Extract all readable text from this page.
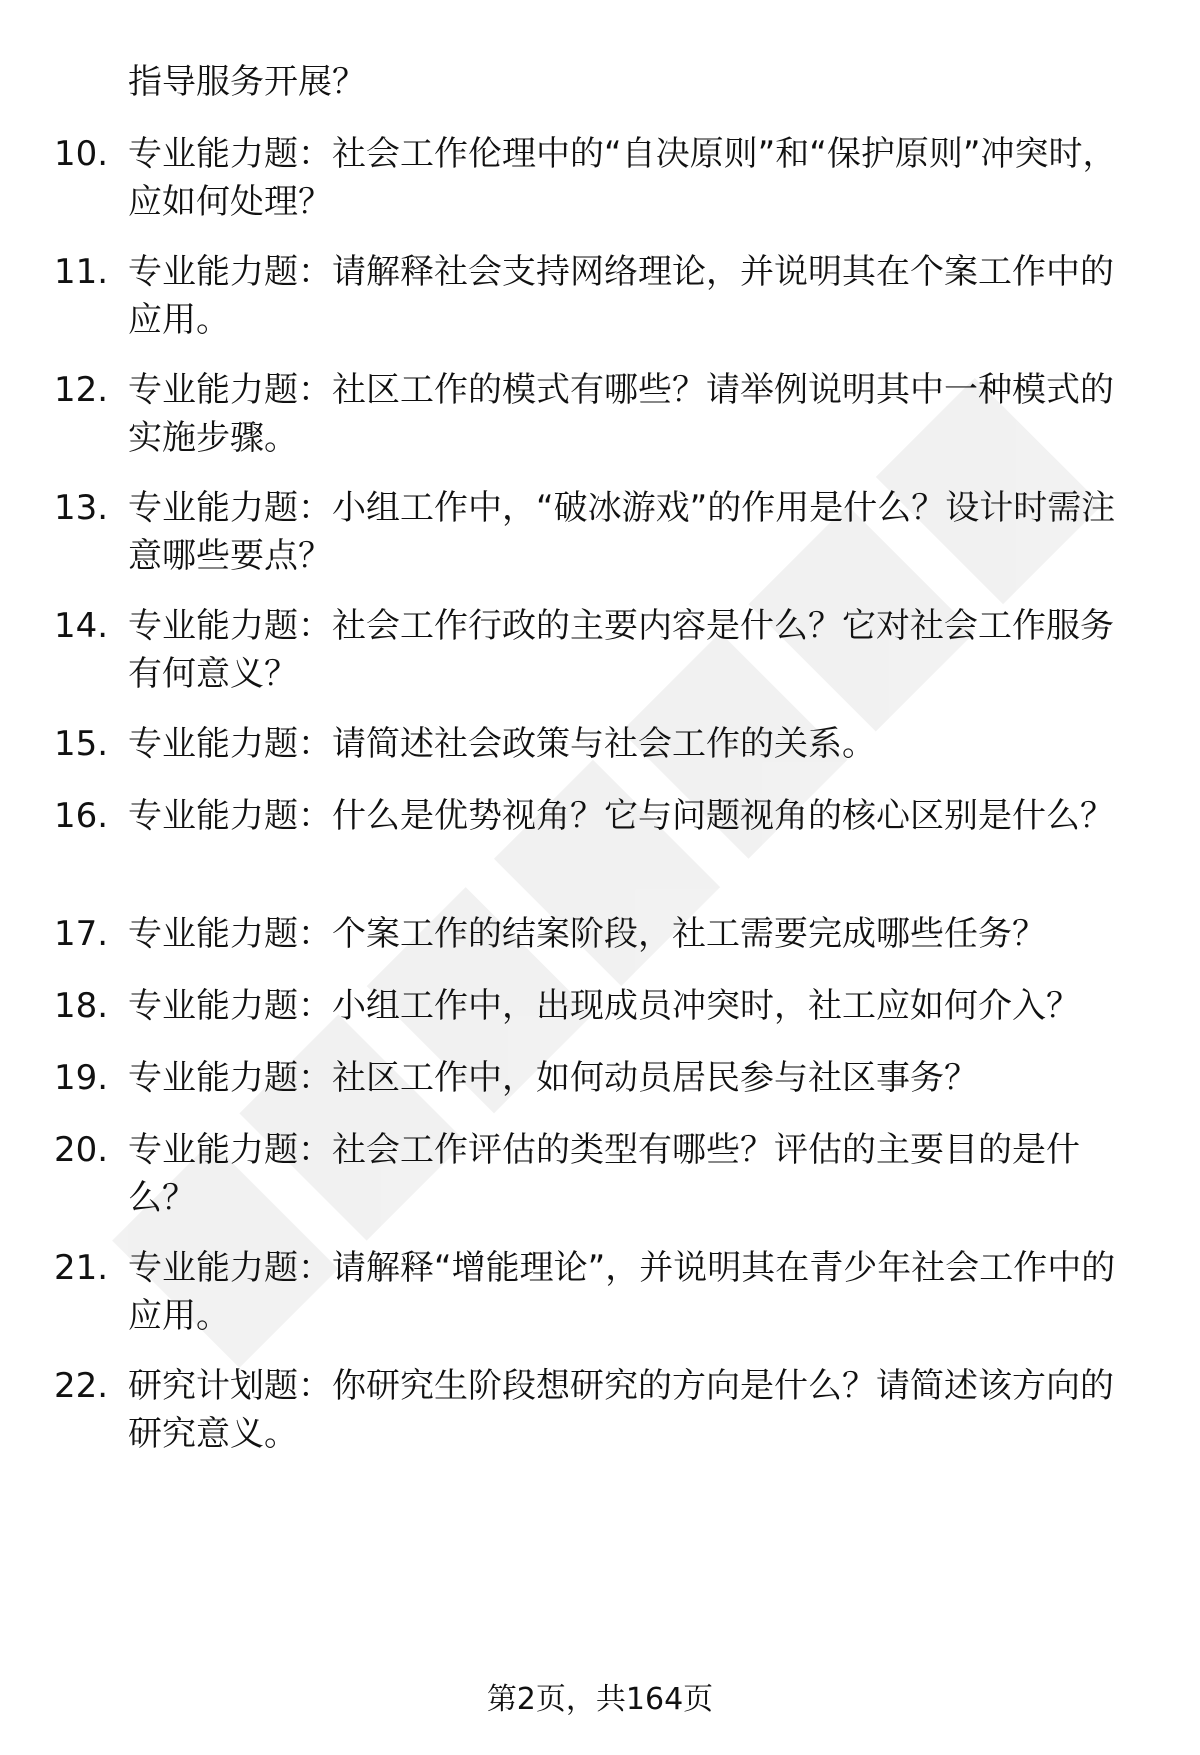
指导服务开展？

10. 专业能力题：社会工作伦理中的“自决原则”和“保护原则”冲突时，应如何处理？

11. 专业能力题：请解释社会支持网络理论，并说明其在个案工作中的应用。

12. 专业能力题：社区工作的模式有哪些？请举例说明其中一种模式的实施步骤。

13. 专业能力题：小组工作中，“破冰游戏”的作用是什么？设计时需注意哪些要点？

14. 专业能力题：社会工作行政的主要内容是什么？它对社会工作服务有何意义？

15. 专业能力题：请简述社会政策与社会工作的关系。

16. 专业能力题：什么是优势视角？它与问题视角的核心区别是什么？

17. 专业能力题：个案工作的结案阶段，社工需要完成哪些任务？

18. 专业能力题：小组工作中，出现成员冲突时，社工应如何介入？

19. 专业能力题：社区工作中，如何动员居民参与社区事务？

20. 专业能力题：社会工作评估的类型有哪些？评估的主要目的是什么？

21. 专业能力题：请解释“增能理论”，并说明其在青少年社会工作中的应用。

22. 研究计划题：你研究生阶段想研究的方向是什么？请简述该方向的研究意义。

第2页，共164页
